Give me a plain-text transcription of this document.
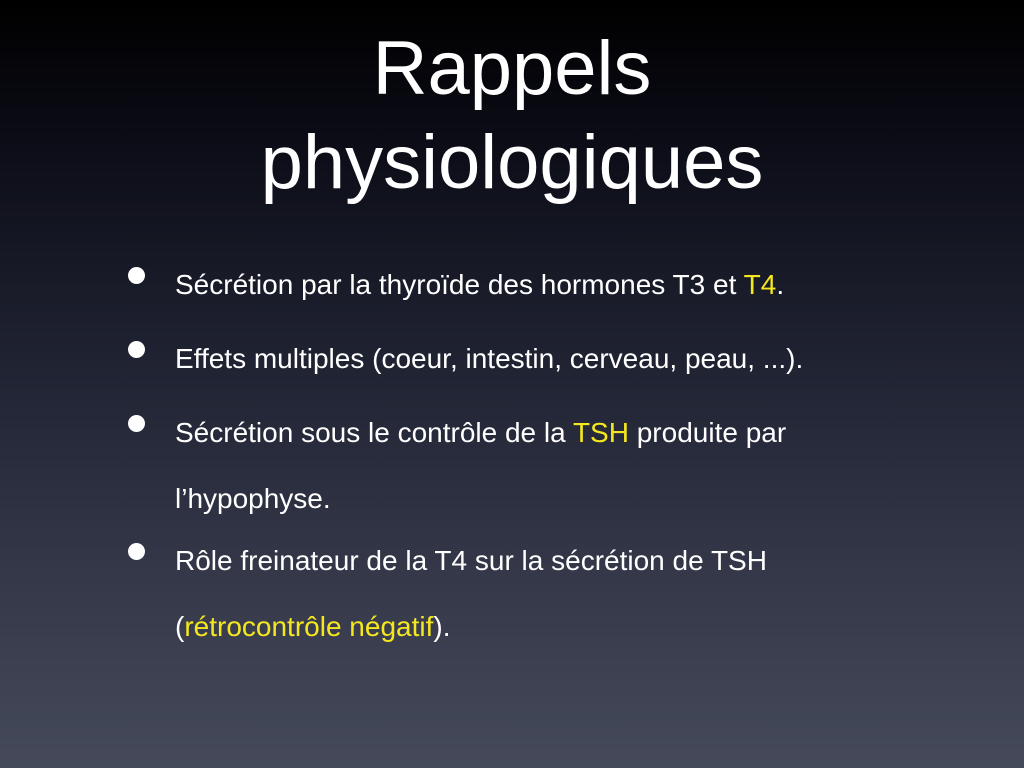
Rappels
physiologiques
Sécrétion par la thyroïde des hormones T3 et T4.
Effets multiples (coeur, intestin, cerveau, peau, ...).
Sécrétion sous le contrôle de la TSH produite par
l’hypophyse.
Rôle freinateur de la T4 sur la sécrétion de TSH
(rétrocontrôle négatif).
